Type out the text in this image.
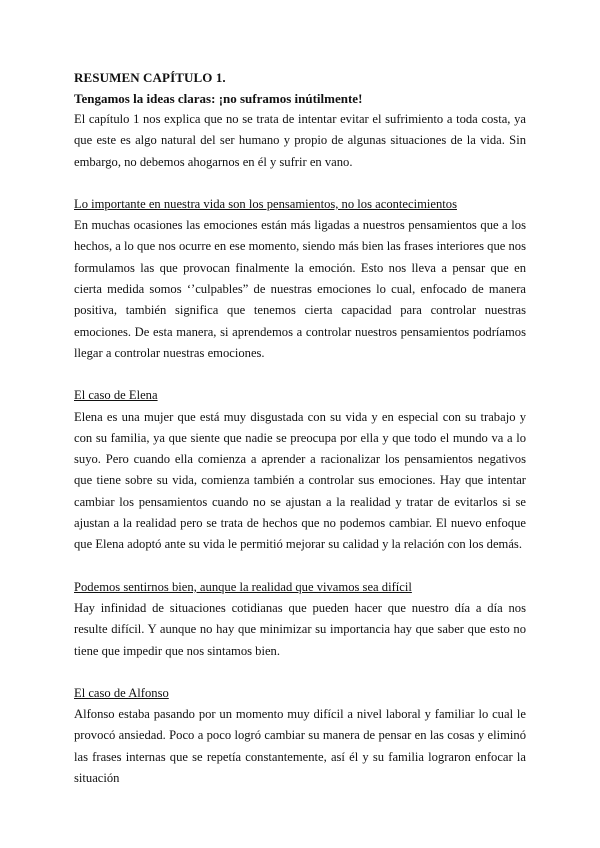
RESUMEN CAPÍTULO 1.
Tengamos la ideas claras: ¡no suframos inútilmente!

El capítulo 1 nos explica que no se trata de intentar evitar el sufrimiento a toda costa, ya que este es algo natural del ser humano y propio de algunas situaciones de la vida. Sin embargo, no debemos ahogarnos en él y sufrir en vano.

Lo importante en nuestra vida son los pensamientos, no los acontecimientos

En muchas ocasiones las emociones están más ligadas a nuestros pensamientos que a los hechos, a lo que nos ocurre en ese momento, siendo más bien las frases interiores que nos formulamos las que provocan finalmente la emoción. Esto nos lleva a pensar que en cierta medida somos ‘’culpables” de nuestras emociones lo cual, enfocado de manera positiva, también significa que tenemos cierta capacidad para controlar nuestras emociones. De esta manera, si aprendemos a controlar nuestros pensamientos podríamos llegar a controlar nuestras emociones.

El caso de Elena

Elena es una mujer que está muy disgustada con su vida y en especial con su trabajo y con su familia, ya que siente que nadie se preocupa por ella y que todo el mundo va a lo suyo. Pero cuando ella comienza a aprender a racionalizar los pensamientos negativos que tiene sobre su vida, comienza también a controlar sus emociones. Hay que intentar cambiar los pensamientos cuando no se ajustan a la realidad y tratar de evitarlos si se ajustan a la realidad pero se trata de hechos que no podemos cambiar. El nuevo enfoque que Elena adoptó ante su vida le permitió mejorar su calidad y la relación con los demás.

Podemos sentirnos bien, aunque la realidad que vivamos sea difícil

Hay infinidad de situaciones cotidianas que pueden hacer que nuestro día a día nos resulte difícil. Y aunque no hay que minimizar su importancia hay que saber que esto no tiene que impedir que nos sintamos bien.

El caso de Alfonso

Alfonso estaba pasando por un momento muy difícil a nivel laboral y familiar lo cual le provocó ansiedad. Poco a poco logró cambiar su manera de pensar en las cosas y eliminó las frases internas que se repetía constantemente, así él y su familia lograron enfocar la situación
